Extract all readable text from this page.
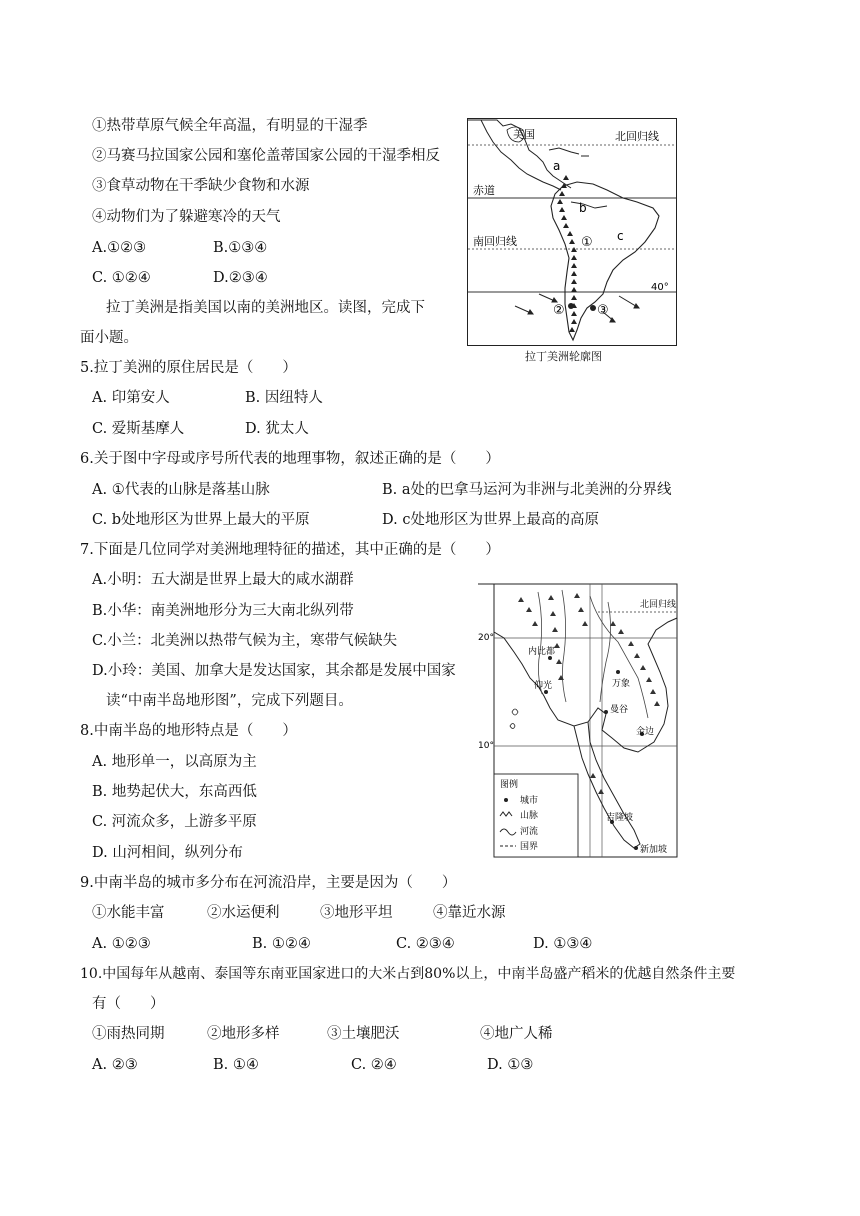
①热带草原气候全年高温，有明显的干湿季
②马赛马拉国家公园和塞伦盖蒂国家公园的干湿季相反
③食草动物在干季缺少食物和水源
④动物们为了躲避寒冷的天气
A.①②③	B.①③④
C. ①②④	D.②③④
拉丁美洲是指美国以南的美洲地区。读图，完成下
面小题。
美国	北回归线
赤道
南回归线
40°
a
b
c
①
② ③
拉丁美洲轮廓图
5.拉丁美洲的原住居民是（　　）
A. 印第安人	B. 因纽特人
C. 爱斯基摩人	D. 犹太人
6.关于图中字母或序号所代表的地理事物，叙述正确的是（　　）
A. ①代表的山脉是落基山脉	B. a处的巴拿马运河为非洲与北美洲的分界线
C. b处地形区为世界上最大的平原	D. c处地形区为世界上最高的高原
7.下面是几位同学对美洲地理特征的描述，其中正确的是（　　）
A.小明：五大湖是世界上最大的咸水湖群
B.小华：南美洲地形分为三大南北纵列带
C.小兰：北美洲以热带气候为主，寒带气候缺失
D.小玲：美国、加拿大是发达国家，其余都是发展中国家
读“中南半岛地形图”，完成下列题目。
北回归线
20°
10°
内比都
仰光	万象
曼谷
金边
吉隆坡
新加坡
图例
城市
山脉
河流
国界
8.中南半岛的地形特点是（　　）
A. 地形单一，以高原为主
B. 地势起伏大，东高西低
C. 河流众多，上游多平原
D. 山河相间，纵列分布
9.中南半岛的城市多分布在河流沿岸，主要是因为（　　）
①水能丰富	②水运便利	③地形平坦	④靠近水源
A. ①②③	B. ①②④	C. ②③④	D. ①③④
10.中国每年从越南、泰国等东南亚国家进口的大米占到80%以上，中南半岛盛产稻米的优越自然条件主要
有（　　）
①雨热同期	②地形多样	③土壤肥沃	④地广人稀
A. ②③	B. ①④	C. ②④	D. ①③
